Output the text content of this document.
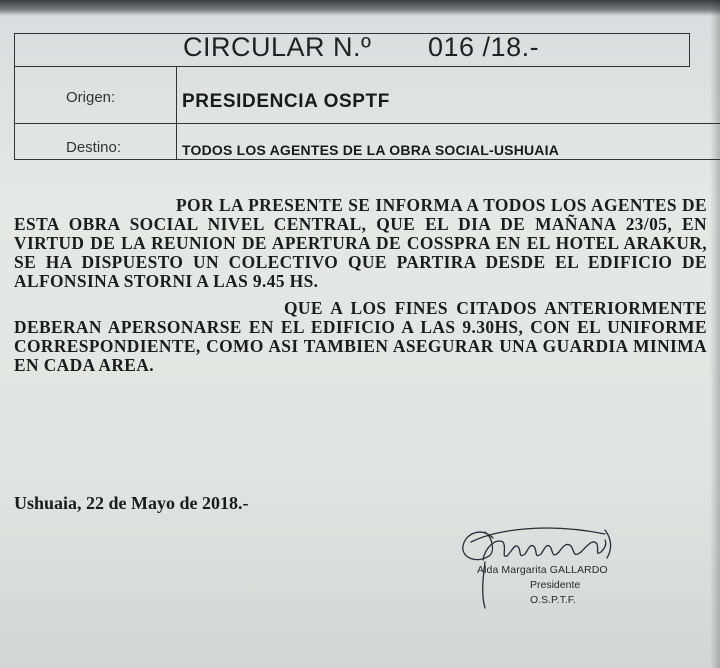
CIRCULAR N.º 016 /18.-
Origen:	PRESIDENCIA OSPTF
Destino:	TODOS LOS AGENTES DE LA OBRA SOCIAL-USHUAIA

POR LA PRESENTE SE INFORMA A TODOS LOS AGENTES DE ESTA OBRA SOCIAL NIVEL CENTRAL, QUE EL DIA DE MAÑANA 23/05, EN VIRTUD DE LA REUNION DE APERTURA DE COSSPRA EN EL HOTEL ARAKUR, SE HA DISPUESTO UN COLECTIVO QUE PARTIRA DESDE EL EDIFICIO DE ALFONSINA STORNI A LAS 9.45 HS.

QUE A LOS FINES CITADOS ANTERIORMENTE DEBERAN APERSONARSE EN EL EDIFICIO A LAS 9.30HS, CON EL UNIFORME CORRESPONDIENTE, COMO ASI TAMBIEN ASEGURAR UNA GUARDIA MINIMA EN CADA AREA.

Ushuaia, 22 de Mayo de 2018.-
Alda Margarita GALLARDO
Presidente
O.S.P.T.F.
